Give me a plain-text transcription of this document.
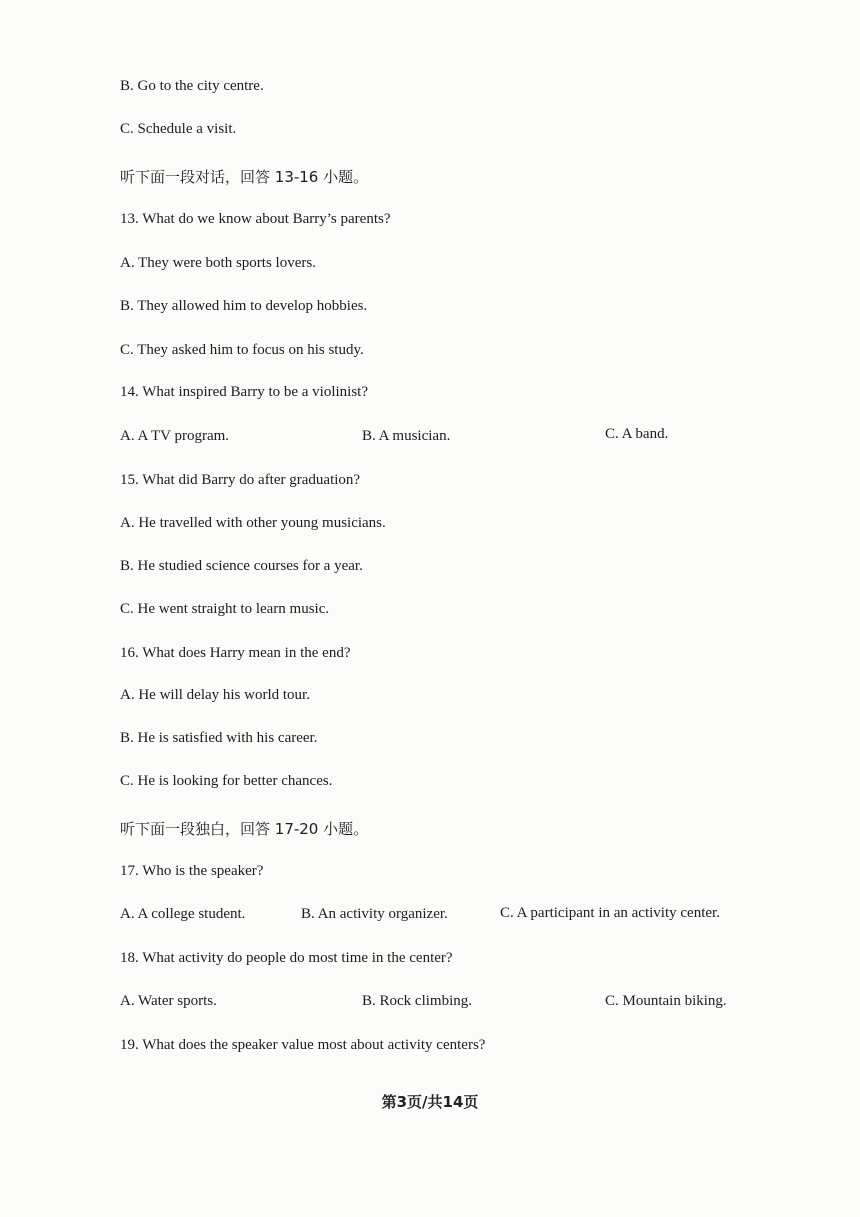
B. Go to the city centre.
C. Schedule a visit.
听下面一段对话，回答 13-16 小题。
13. What do we know about Barry’s parents?
A. They were both sports lovers.
B. They allowed him to develop hobbies.
C. They asked him to focus on his study.
14. What inspired Barry to be a violinist?
A. A TV program.	B. A musician.	C. A band.
15. What did Barry do after graduation?
A. He travelled with other young musicians.
B. He studied science courses for a year.
C. He went straight to learn music.
16. What does Harry mean in the end?
A. He will delay his world tour.
B. He is satisfied with his career.
C. He is looking for better chances.
听下面一段独白，回答 17-20 小题。
17. Who is the speaker?
A. A college student.	B. An activity organizer.	C. A participant in an activity center.
18. What activity do people do most time in the center?
A. Water sports.	B. Rock climbing.	C. Mountain biking.
19. What does the speaker value most about activity centers?
第3页/共14页
